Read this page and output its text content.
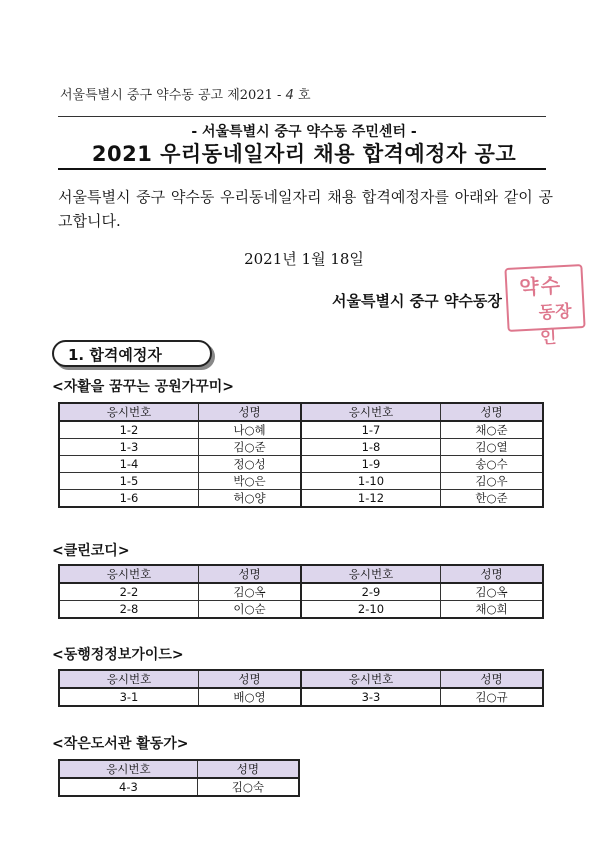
서울특별시 중구 약수동 공고 제2021 - 4 호
- 서울특별시 중구 약수동 주민센터 -
2021 우리동네일자리 채용 합격예정자 공고
서울특별시 중구 약수동 우리동네일자리 채용 합격예정자를 아래와 같이 공고합니다.
2021년 1월 18일
서울특별시 중구 약수동장
약수
동장인
1. 합격예정자
<자활을 꿈꾸는 공원가꾸미>
응시번호	성명	응시번호	성명
1-2	나○혜	1-7	채○준
1-3	김○준	1-8	김○열
1-4	정○성	1-9	송○수
1-5	박○은	1-10	김○우
1-6	허○양	1-12	한○준
<클린코디>
응시번호	성명	응시번호	성명
2-2	김○옥	2-9	김○옥
2-8	이○순	2-10	채○희
<동행정정보가이드>
응시번호	성명	응시번호	성명
3-1	배○영	3-3	김○규
<작은도서관 활동가>
응시번호	성명
4-3	김○숙
